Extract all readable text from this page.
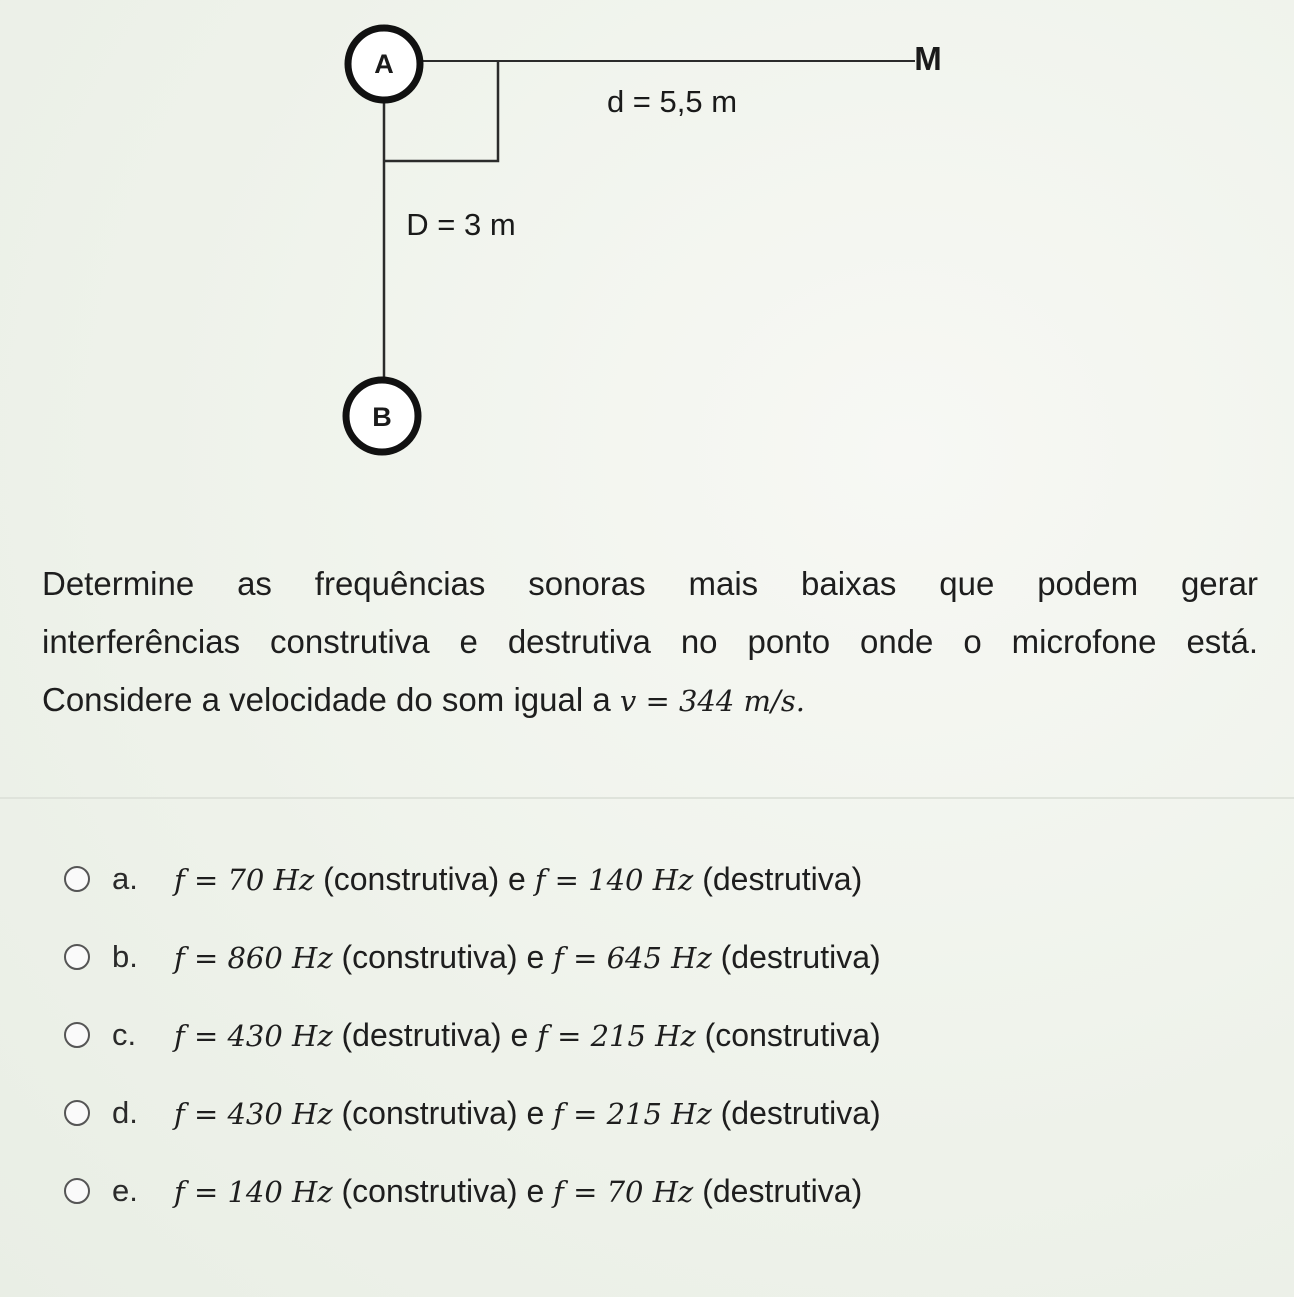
A
B
M
d = 5,5 m
D = 3 m
Determine as frequências sonoras mais baixas que podem gerar
interferências construtiva e destrutiva no ponto onde o microfone está.
Considere a velocidade do som igual a v = 344 m/s.
a.	f = 70 Hz (construtiva) e f = 140 Hz (destrutiva)
b.	f = 860 Hz (construtiva) e f = 645 Hz (destrutiva)
c.	f = 430 Hz (destrutiva) e f = 215 Hz (construtiva)
d.	f = 430 Hz (construtiva) e f = 215 Hz (destrutiva)
e.	f = 140 Hz (construtiva) e f = 70 Hz (destrutiva)
